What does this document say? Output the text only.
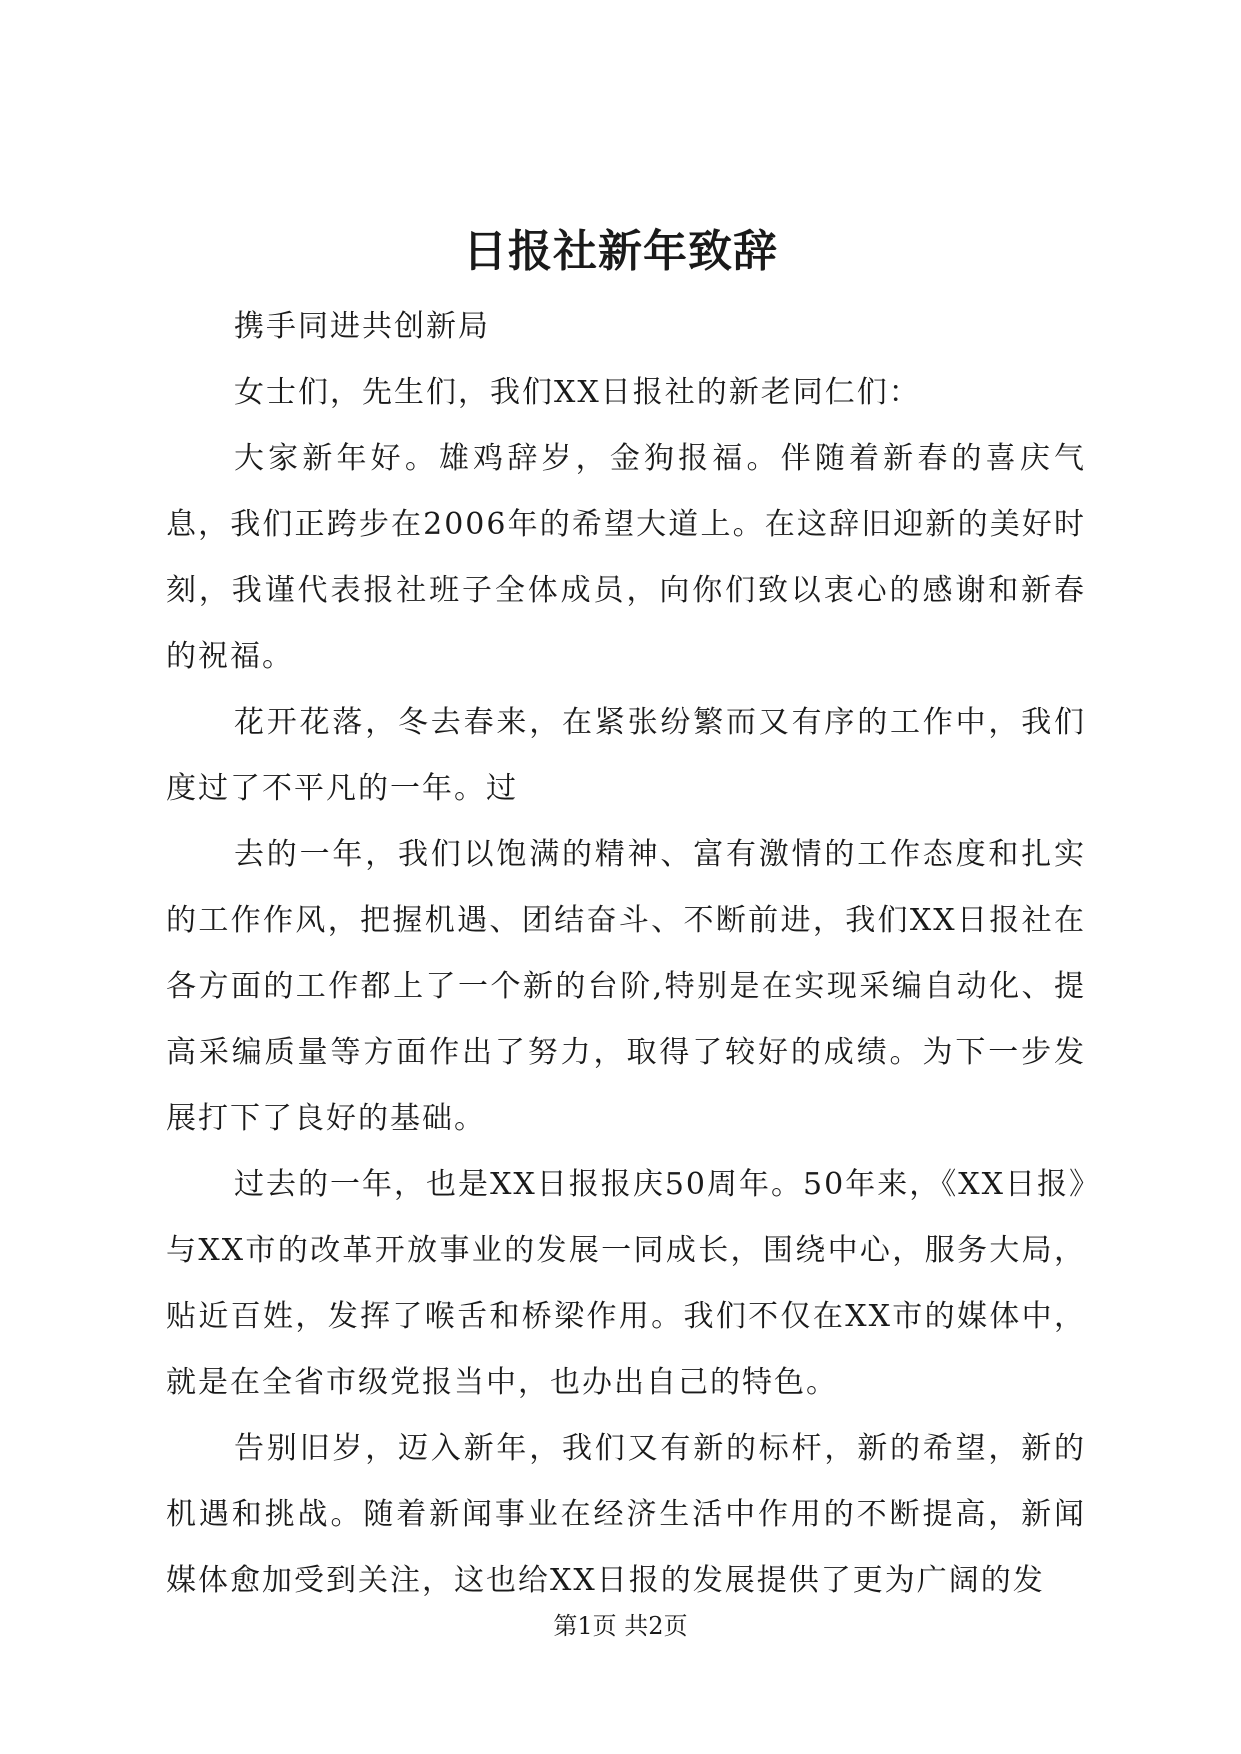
日报社新年致辞

携手同进共创新局

女士们，先生们，我们XX日报社的新老同仁们：

大家新年好。雄鸡辞岁，金狗报福。伴随着新春的喜庆气息，我们正跨步在2006年的希望大道上。在这辞旧迎新的美好时刻，我谨代表报社班子全体成员，向你们致以衷心的感谢和新春的祝福。

花开花落，冬去春来，在紧张纷繁而又有序的工作中，我们度过了不平凡的一年。过

去的一年，我们以饱满的精神、富有激情的工作态度和扎实的工作作风，把握机遇、团结奋斗、不断前进，我们XX日报社在各方面的工作都上了一个新的台阶,特别是在实现采编自动化、提高采编质量等方面作出了努力，取得了较好的成绩。为下一步发展打下了良好的基础。

过去的一年，也是XX日报报庆50周年。50年来，《XX日报》与XX市的改革开放事业的发展一同成长，围绕中心，服务大局，贴近百姓，发挥了喉舌和桥梁作用。我们不仅在XX市的媒体中，就是在全省市级党报当中，也办出自己的特色。

告别旧岁，迈入新年，我们又有新的标杆，新的希望，新的机遇和挑战。随着新闻事业在经济生活中作用的不断提高，新闻媒体愈加受到关注，这也给XX日报的发展提供了更为广阔的发

第1页 共2页
